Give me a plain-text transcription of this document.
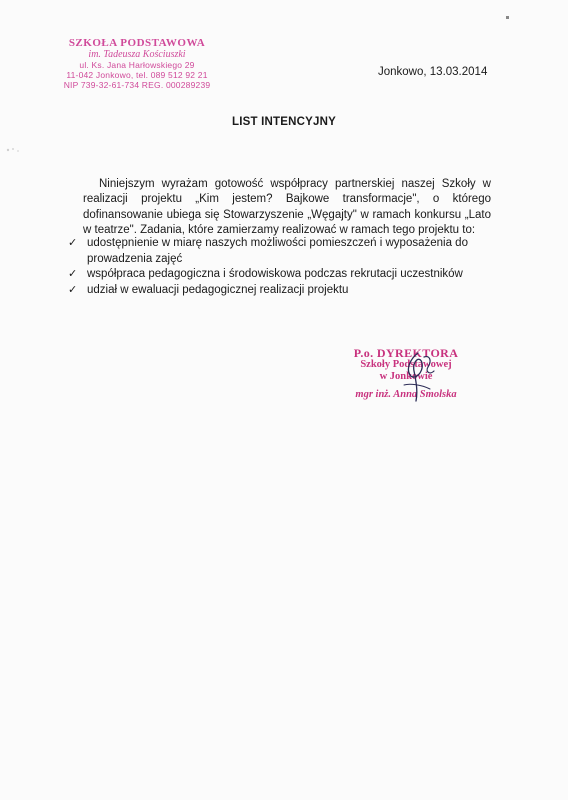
SZKOŁA PODSTAWOWA
im. Tadeusza Kościuszki
ul. Ks. Jana Harłowskiego 29
11-042 Jonkowo, tel. 089 512 92 21
NIP 739-32-61-734 REG. 000289239
Jonkowo, 13.03.2014
LIST INTENCYJNY

Niniejszym wyrażam gotowość współpracy partnerskiej naszej Szkoły w realizacji projektu „Kim jestem? Bajkowe transformacje", o którego dofinansowanie ubiega się Stowarzyszenie „Węgajty" w ramach konkursu „Lato w teatrze". Zadania, które zamierzamy realizować w ramach tego projektu to:

✓ udostępnienie w miarę naszych możliwości pomieszczeń i wyposażenia do prowadzenia zajęć
✓ współpraca pedagogiczna i środowiskowa podczas rekrutacji uczestników
✓ udział w ewaluacji pedagogicznej realizacji projektu
P.o. DYREKTORA
Szkoły Podstawowej
w Jonkowie
mgr inż. Anna Smolska
